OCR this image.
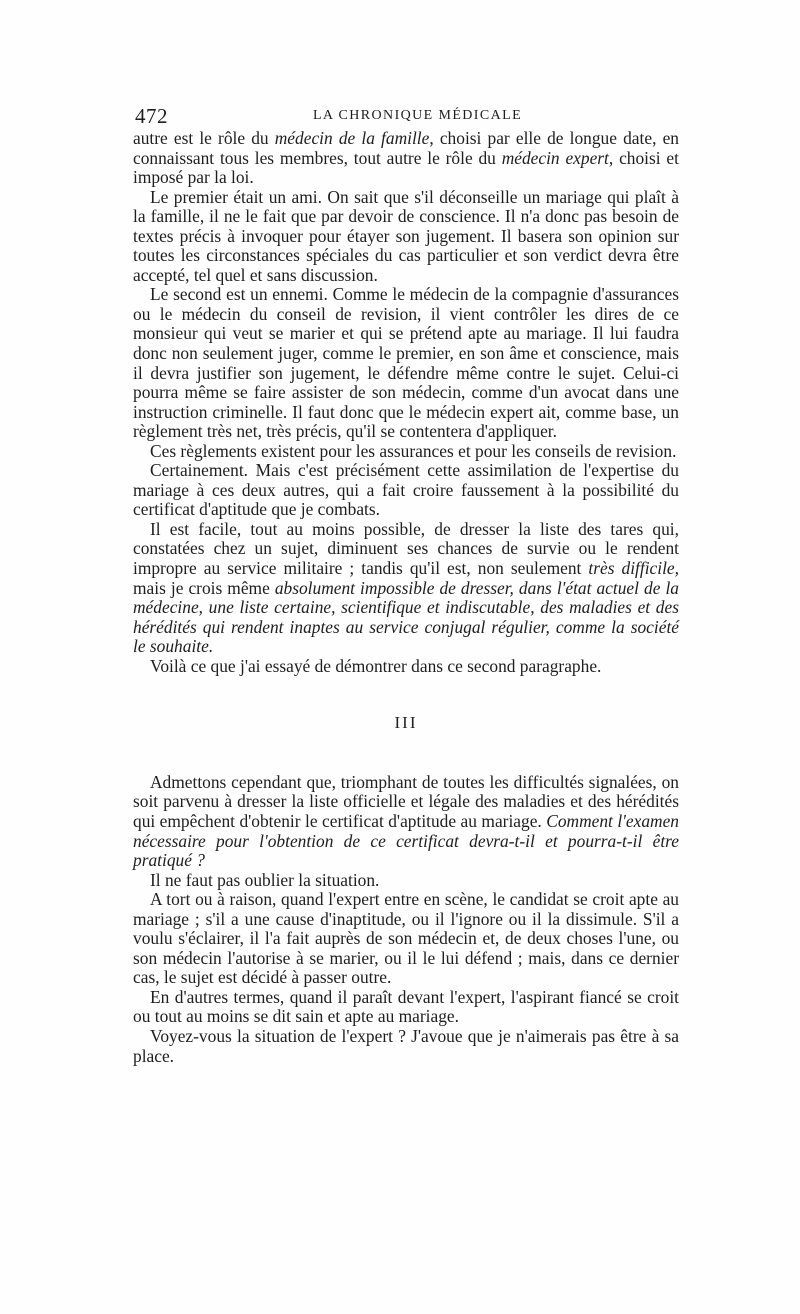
472	LA CHRONIQUE MÉDICALE

autre est le rôle du médecin de la famille, choisi par elle de longue date, en connaissant tous les membres, tout autre le rôle du médecin expert, choisi et imposé par la loi.

Le premier était un ami. On sait que s'il déconseille un mariage qui plaît à la famille, il ne le fait que par devoir de conscience. Il n'a donc pas besoin de textes précis à invoquer pour étayer son jugement. Il basera son opinion sur toutes les circonstances spéciales du cas particulier et son verdict devra être accepté, tel quel et sans discussion.

Le second est un ennemi. Comme le médecin de la compagnie d'assurances ou le médecin du conseil de revision, il vient contrôler les dires de ce monsieur qui veut se marier et qui se prétend apte au mariage. Il lui faudra donc non seulement juger, comme le premier, en son âme et conscience, mais il devra justifier son jugement, le défendre même contre le sujet. Celui-ci pourra même se faire assister de son médecin, comme d'un avocat dans une instruction criminelle. Il faut donc que le médecin expert ait, comme base, un règlement très net, très précis, qu'il se contentera d'appliquer.

Ces règlements existent pour les assurances et pour les conseils de revision.

Certainement. Mais c'est précisément cette assimilation de l'expertise du mariage à ces deux autres, qui a fait croire faussement à la possibilité du certificat d'aptitude que je combats.

Il est facile, tout au moins possible, de dresser la liste des tares qui, constatées chez un sujet, diminuent ses chances de survie ou le rendent impropre au service militaire ; tandis qu'il est, non seulement très difficile, mais je crois même absolument impossible de dresser, dans l'état actuel de la médecine, une liste certaine, scientifique et indiscutable, des maladies et des hérédités qui rendent inaptes au service conjugal régulier, comme la société le souhaite.

Voilà ce que j'ai essayé de démontrer dans ce second paragraphe.

III

Admettons cependant que, triomphant de toutes les difficultés signalées, on soit parvenu à dresser la liste officielle et légale des maladies et des hérédités qui empêchent d'obtenir le certificat d'aptitude au mariage. Comment l'examen nécessaire pour l'obtention de ce certificat devra-t-il et pourra-t-il être pratiqué ?

Il ne faut pas oublier la situation.

A tort ou à raison, quand l'expert entre en scène, le candidat se croit apte au mariage ; s'il a une cause d'inaptitude, ou il l'ignore ou il la dissimule. S'il a voulu s'éclairer, il l'a fait auprès de son médecin et, de deux choses l'une, ou son médecin l'autorise à se marier, ou il le lui défend ; mais, dans ce dernier cas, le sujet est décidé à passer outre.

En d'autres termes, quand il paraît devant l'expert, l'aspirant fiancé se croit ou tout au moins se dit sain et apte au mariage.

Voyez-vous la situation de l'expert ? J'avoue que je n'aimerais pas être à sa place.
